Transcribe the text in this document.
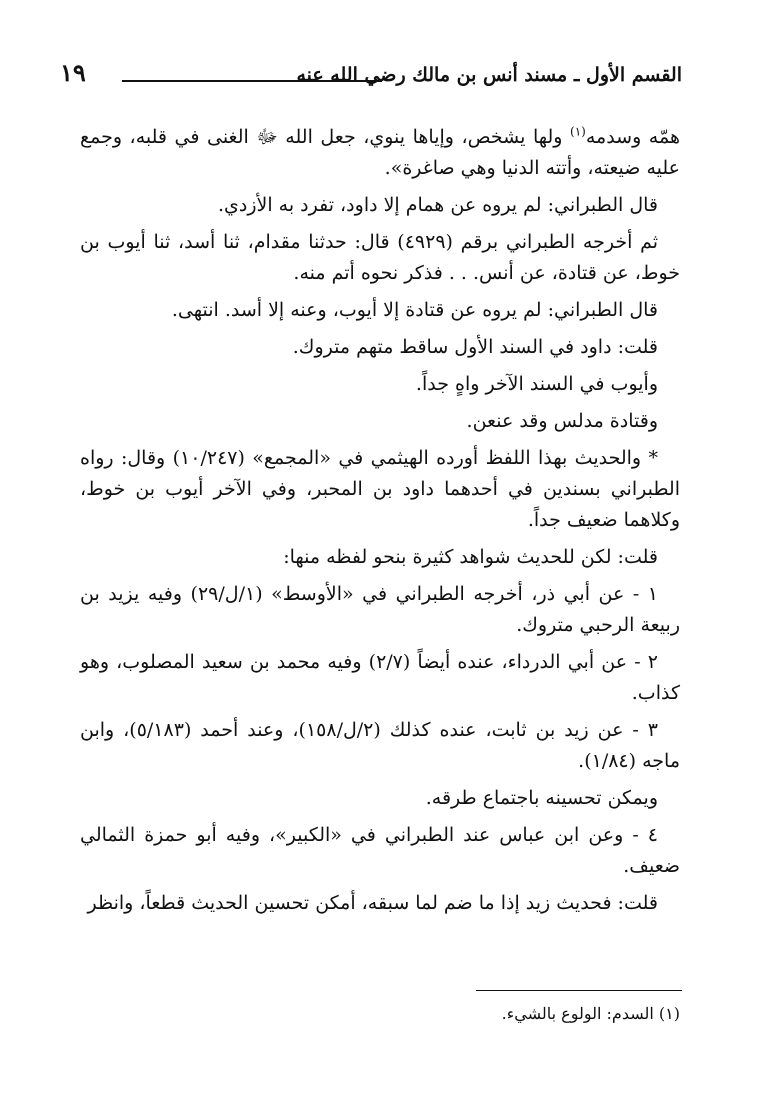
القسم الأول ـ مسند أنس بن مالك رضي الله عنه
١٩

همّه وسدمه$^{(١)}$ ولها يشخص، وإياها ينوي، جعل الله ﷻ الغنى في قلبه، وجمع عليه ضيعته، وأتته الدنيا وهي صاغرة».

قال الطبراني: لم يروه عن همام إلا داود، تفرد به الأزدي.

ثم أخرجه الطبراني برقم (٤٩٢٩) قال: حدثنا مقدام، ثنا أسد، ثنا أيوب بن خوط، عن قتادة، عن أنس. . . فذكر نحوه أتم منه.

قال الطبراني: لم يروه عن قتادة إلا أيوب، وعنه إلا أسد. انتهى.

قلت: داود في السند الأول ساقط متهم متروك.

وأيوب في السند الآخر واهٍ جداً.

وقتادة مدلس وقد عنعن.

* والحديث بهذا اللفظ أورده الهيثمي في «المجمع» (١٠/٢٤٧) وقال: رواه الطبراني بسندين في أحدهما داود بن المحبر، وفي الآخر أيوب بن خوط، وكلاهما ضعيف جداً.

قلت: لكن للحديث شواهد كثيرة بنحو لفظه منها:

١ - عن أبي ذر، أخرجه الطبراني في «الأوسط» (١/ل/٢٩) وفيه يزيد بن ربيعة الرحبي متروك.

٢ - عن أبي الدرداء، عنده أيضاً (٢/٧) وفيه محمد بن سعيد المصلوب، وهو كذاب.

٣ - عن زيد بن ثابت، عنده كذلك (٢/ل/١٥٨)، وعند أحمد (٥/١٨٣)، وابن ماجه (١/٨٤).

ويمكن تحسينه باجتماع طرقه.

٤ - وعن ابن عباس عند الطبراني في «الكبير»، وفيه أبو حمزة الثمالي ضعيف.

قلت: فحديث زيد إذا ما ضم لما سبقه، أمكن تحسين الحديث قطعاً، وانظر

(١) السدم: الولوع بالشيء.
